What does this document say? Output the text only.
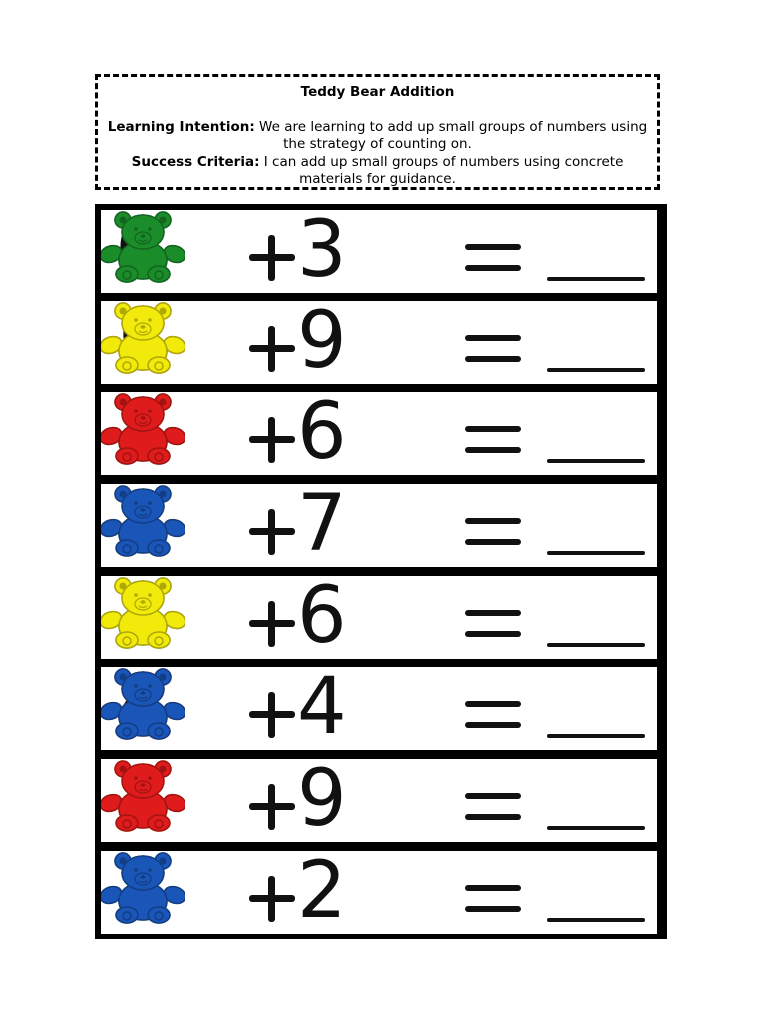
Teddy Bear Addition

Learning Intention: We are learning to add up small groups of numbers using the strategy of counting on.

Success Criteria: I can add up small groups of numbers using concrete materials for guidance.

3
9
6
7
6
4
9
2
